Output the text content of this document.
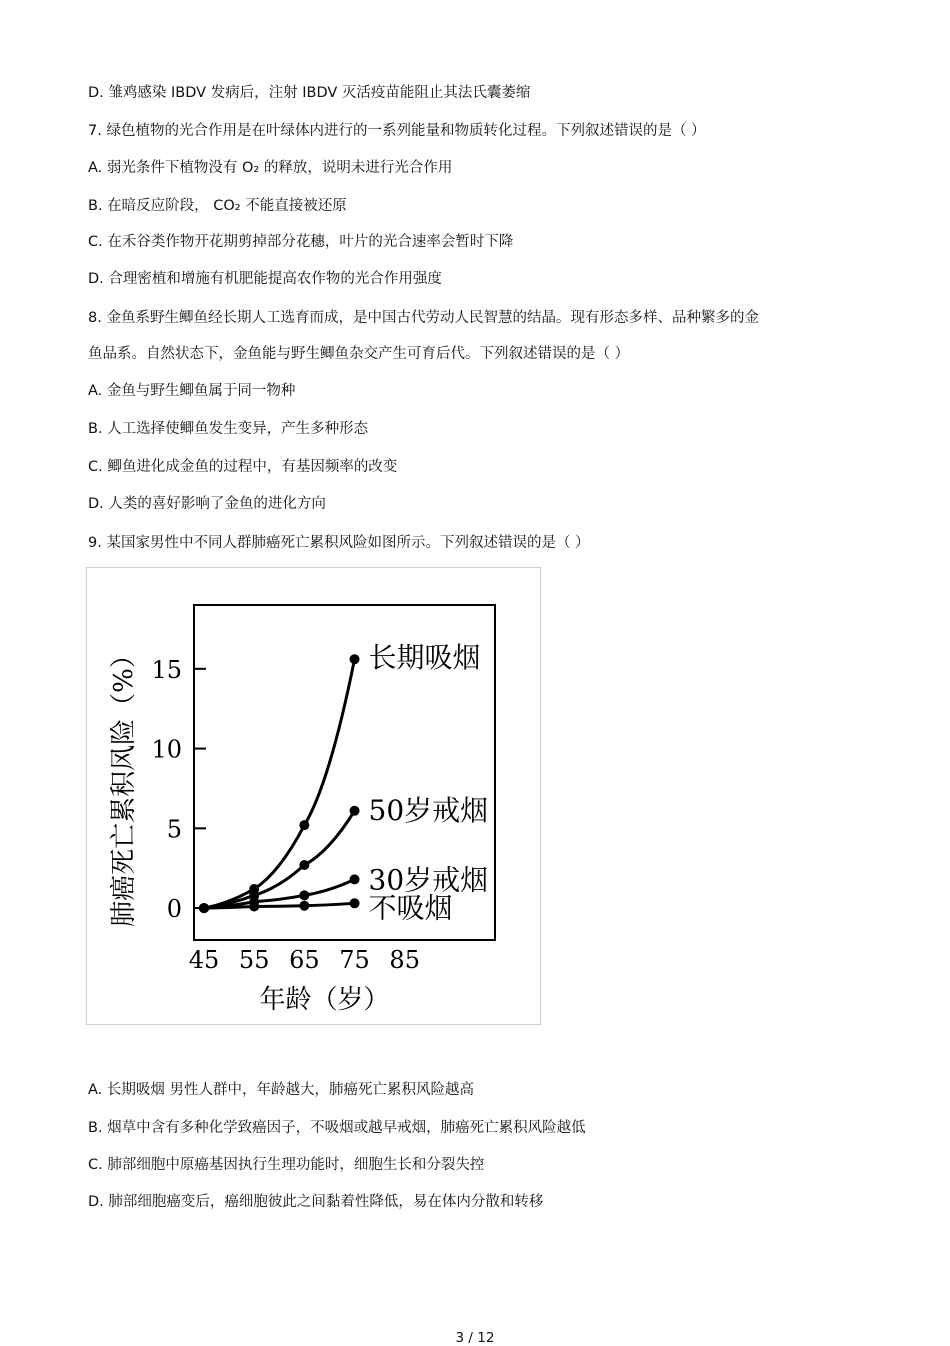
D. 雏鸡感染 IBDV 发病后，注射 IBDV 灭活疫苗能阻止其法氏囊萎缩
7. 绿色植物的光合作用是在叶绿体内进行的一系列能量和物质转化过程。下列叙述错误的是（ ）
A. 弱光条件下植物没有 O₂ 的释放，说明未进行光合作用
B. 在暗反应阶段， CO₂ 不能直接被还原
C. 在禾谷类作物开花期剪掉部分花穗，叶片的光合速率会暂时下降
D. 合理密植和增施有机肥能提高农作物的光合作用强度
8. 金鱼系野生鲫鱼经长期人工选育而成，是中国古代劳动人民智慧的结晶。现有形态多样、品种繁多的金
鱼品系。自然状态下，金鱼能与野生鲫鱼杂交产生可育后代。下列叙述错误的是（ ）
A. 金鱼与野生鲫鱼属于同一物种
B. 人工选择使鲫鱼发生变异，产生多种形态
C. 鲫鱼进化成金鱼的过程中，有基因频率的改变
D. 人类的喜好影响了金鱼的进化方向
9. 某国家男性中不同人群肺癌死亡累积风险如图所示。下列叙述错误的是（ ）
0
5
10
15
45 55 65 75 85
长期吸烟
50岁戒烟
30岁戒烟
不吸烟
肺癌死亡累积风险（%）
年龄（岁）
A. 长期吸烟 男性人群中，年龄越大，肺癌死亡累积风险越高
B. 烟草中含有多种化学致癌因子，不吸烟或越早戒烟，肺癌死亡累积风险越低
C. 肺部细胞中原癌基因执行生理功能时，细胞生长和分裂失控
D. 肺部细胞癌变后，癌细胞彼此之间黏着性降低，易在体内分散和转移
3 / 12
